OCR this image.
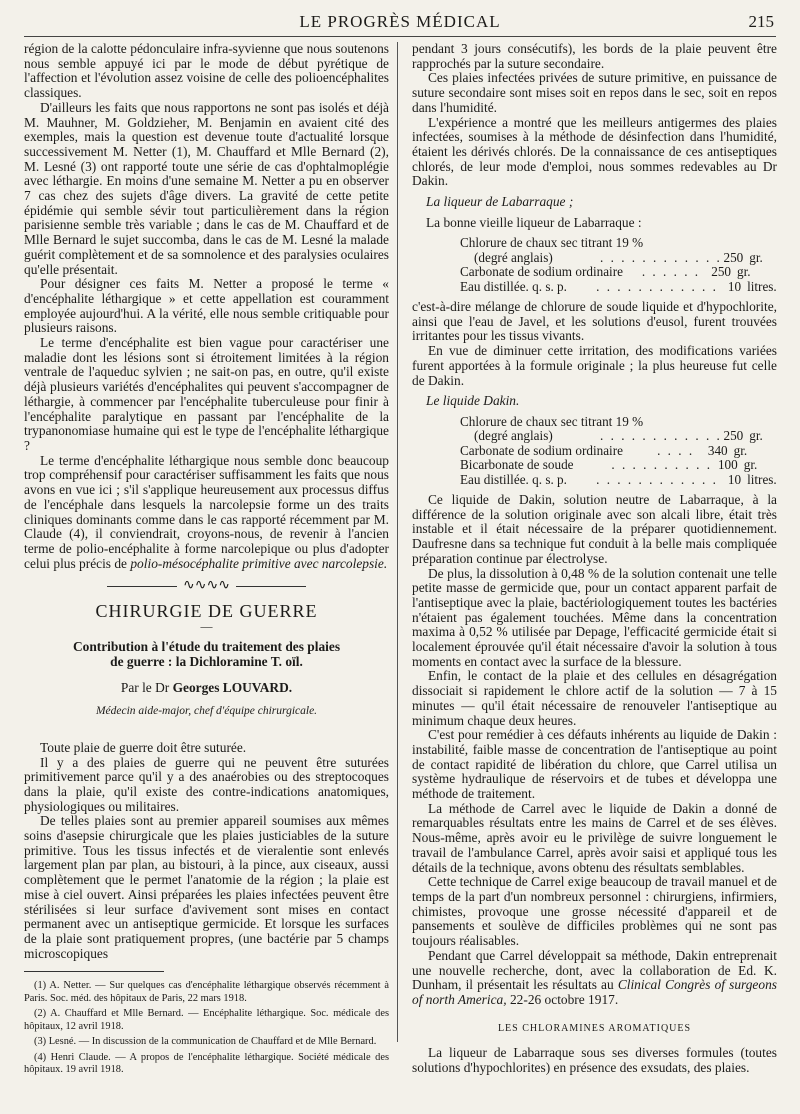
LE PROGRÈS MÉDICAL	215

région de la calotte pédonculaire infra-syvienne que nous soutenons nous semble appuyé ici par le mode de début pyrétique de l'affection et l'évolution assez voisine de celle des polioencéphalites classiques.

D'ailleurs les faits que nous rapportons ne sont pas isolés et déjà M. Mauhner, M. Goldzieher, M. Benjamin en avaient cité des exemples, mais la question est devenue toute d'actualité lorsque successivement M. Netter (1), M. Chauffard et Mlle Bernard (2), M. Lesné (3) ont rapporté toute une série de cas d'ophtalmoplégie avec léthargie. En moins d'une semaine M. Netter a pu en observer 7 cas chez des sujets d'âge divers. La gravité de cette petite épidémie qui semble sévir tout particulièrement dans la région parisienne semble très variable ; dans le cas de M. Chauffard et de Mlle Bernard le sujet succomba, dans le cas de M. Lesné la malade guérit complètement et de sa somnolence et des paralysies oculaires qu'elle présentait.

Pour désigner ces faits M. Netter a proposé le terme « d'encéphalite léthargique » et cette appellation est couramment employée aujourd'hui. A la vérité, elle nous semble critiquable pour plusieurs raisons.

Le terme d'encéphalite est bien vague pour caractériser une maladie dont les lésions sont si étroitement limitées à la région ventrale de l'aqueduc sylvien ; ne sait-on pas, en outre, qu'il existe déjà plusieurs variétés d'encéphalites qui peuvent s'accompagner de léthargie, à commencer par l'encéphalite tuberculeuse pour finir à l'encéphalite paralytique en passant par l'encéphalite de la trypanonomiase humaine qui est le type de l'encéphalite léthargique ?

Le terme d'encéphalite léthargique nous semble donc beaucoup trop compréhensif pour caractériser suffisamment les faits que nous avons en vue ici ; s'il s'applique heureusement aux processus diffus de l'encéphale dans lesquels la narcolepsie forme un des traits cliniques dominants comme dans le cas rapporté récemment par M. Claude (4), il conviendrait, croyons-nous, de revenir à l'ancien terme de polio-encéphalite à forme narcolepique ou plus d'adopter celui plus précis de polio-mésocéphalite primitive avec narcolepsie.

∿∿∿∿
CHIRURGIE DE GUERRE
—
Contribution à l'étude du traitement des plaies
de guerre : la Dichloramine T. oïl.
Par le Dr Georges LOUVARD.
Médecin aide-major, chef d'équipe chirurgicale.

Toute plaie de guerre doit être suturée.

Il y a des plaies de guerre qui ne peuvent être suturées primitivement parce qu'il y a des anaérobies ou des streptocoques dans la plaie, qu'il existe des contre-indications anatomiques, physiologiques ou militaires.

De telles plaies sont au premier appareil soumises aux mêmes soins d'asepsie chirurgicale que les plaies justiciables de la suture primitive. Tous les tissus infectés et de vieralentie sont enlevés largement plan par plan, au bistouri, à la pince, aux ciseaux, aussi complètement que le permet l'anatomie de la région ; la plaie est mise à ciel ouvert. Ainsi préparées les plaies infectées peuvent être stérilisées si leur surface d'avivement sont mises en contact permanent avec un antiseptique germicide. Et lorsque les surfaces de la plaie sont pratiquement propres, (une bactérie par 5 champs microscopiques

(1) A. Netter. — Sur quelques cas d'encéphalite léthargique observés récemment à Paris. Soc. méd. des hôpitaux de Paris, 22 mars 1918.

(2) A. Chauffard et Mlle Bernard. — Encéphalite léthargique. Soc. médicale des hôpitaux, 12 avril 1918.

(3) Lesné. — In discussion de la communication de Chauffard et de Mlle Bernard.

(4) Henri Claude. — A propos de l'encéphalite léthargique. Société médicale des hôpitaux. 19 avril 1918.

pendant 3 jours consécutifs), les bords de la plaie peuvent être rapprochés par la suture secondaire.

Ces plaies infectées privées de suture primitive, en puissance de suture secondaire sont mises soit en repos dans le sec, soit en repos dans l'humidité.

L'expérience a montré que les meilleurs antigermes des plaies infectées, soumises à la méthode de désinfection dans l'humidité, étaient les dérivés chlorés. De la connaissance de ces antiseptiques chlorés, de leur mode d'emploi, nous sommes redevables au Dr Dakin.

La liqueur de Labarraque ;

La bonne vieille liqueur de Labarraque :

Chlorure de chaux sec titrant 19 %
(degré anglais)	. . . . . . . . . . . . 250 gr.
Carbonate de sodium ordinaire	. . . . . . 250 gr.
Eau distillée. q. s. p.	. . . . . . . . . . . . 10 litres.

c'est-à-dire mélange de chlorure de soude liquide et d'hypochlorite, ainsi que l'eau de Javel, et les solutions d'eusol, furent trouvées irritantes pour les tissus vivants.

En vue de diminuer cette irritation, des modifications variées furent apportées à la formule originale ; la plus heureuse fut celle de Dakin.

Le liquide Dakin.

Chlorure de chaux sec titrant 19 %
(degré anglais)	. . . . . . . . . . . . 250 gr.
Carbonate de sodium ordinaire	. . . .	340 gr.
Bicarbonate de soude	. . . . . . . . . . 100 gr.
Eau distillée. q. s. p.	. . . . . . . . . . . . 10 litres.

Ce liquide de Dakin, solution neutre de Labarraque, à la différence de la solution originale avec son alcali libre, était très instable et il était nécessaire de la préparer quotidiennement. Daufresne dans sa technique fut conduit à la belle mais compliquée préparation continue par électrolyse.

De plus, la dissolution à 0,48 % de la solution contenait une telle petite masse de germicide que, pour un contact apparent parfait de l'antiseptique avec la plaie, bactériologiquement toutes les bactéries n'étaient pas également touchées. Même dans la concentration maxima à 0,52 % utilisée par Depage, l'efficacité germicide était si localement éprouvée qu'il était nécessaire d'avoir la solution à tous moments en contact avec la surface de la blessure.

Enfin, le contact de la plaie et des cellules en désagrégation dissociait si rapidement le chlore actif de la solution — 7 à 15 minutes — qu'il était nécessaire de renouveler l'antiseptique au minimum chaque deux heures.

C'est pour remédier à ces défauts inhérents au liquide de Dakin : instabilité, faible masse de concentration de l'antiseptique au point de contact rapidité de libération du chlore, que Carrel utilisa un système hydraulique de réservoirs et de tubes et développa une méthode de traitement.

La méthode de Carrel avec le liquide de Dakin a donné de remarquables résultats entre les mains de Carrel et de ses élèves. Nous-même, après avoir eu le privilège de suivre longuement le travail de l'ambulance Carrel, après avoir saisi et appliqué tous les détails de la technique, avons obtenu des résultats semblables.

Cette technique de Carrel exige beaucoup de travail manuel et de temps de la part d'un nombreux personnel : chirurgiens, infirmiers, chimistes, provoque une grosse nécessité d'appareil et de pansements et soulève de difficiles problèmes qui ne sont pas toujours réalisables.

Pendant que Carrel développait sa méthode, Dakin entreprenait une nouvelle recherche, dont, avec la collaboration de Ed. K. Dunham, il présentait les résultats au Clinical Congrès of surgeons of north America, 22-26 octobre 1917.

LES CHLORAMINES AROMATIQUES

La liqueur de Labarraque sous ses diverses formules (toutes solutions d'hypochlorites) en présence des exsudats, des plaies.
